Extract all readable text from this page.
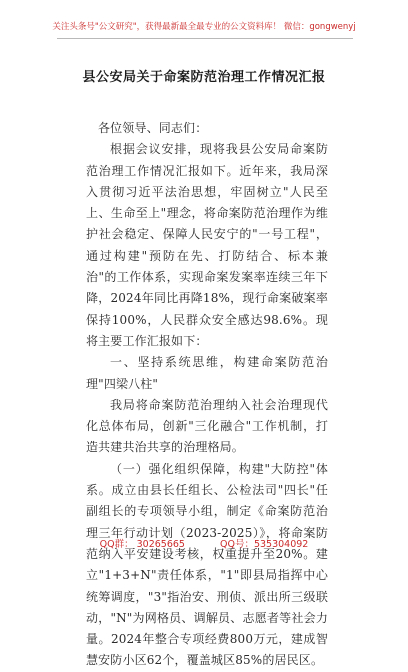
关注头条号"公文研究"，获得最新最全最专业的公文资料库！ 微信：gongwenyj
县公安局关于命案防范治理工作情况汇报

各位领导、同志们：

根据会议安排，现将我县公安局命案防范治理工作情况汇报如下。近年来，我局深入贯彻习近平法治思想，牢固树立"人民至上、生命至上"理念，将命案防范治理作为维护社会稳定、保障人民安宁的"一号工程"，通过构建"预防在先、打防结合、标本兼治"的工作体系，实现命案发案率连续三年下降，2024年同比再降18%，现行命案破案率保持100%，人民群众安全感达98.6%。现将主要工作汇报如下：

一、坚持系统思维，构建命案防范治理"四梁八柱"

我局将命案防范治理纳入社会治理现代化总体布局，创新"三化融合"工作机制，打造共建共治共享的治理格局。

（一）强化组织保障，构建"大防控"体系。成立由县长任组长、公检法司"四长"任副组长的专项领导小组，制定《命案防范治理三年行动计划（2023-2025）》，将命案防范纳入平安建设考核，权重提升至20%。建立"1+3+N"责任体系，"1"即县局指挥中心统筹调度，"3"指治安、刑侦、派出所三级联动，"N"为网格员、调解员、志愿者等社会力量。2024年整合专项经费800万元，建成智慧安防小区62个，覆盖城区85%的居民区。

QQ群： 30265665	QQ号：535304092
